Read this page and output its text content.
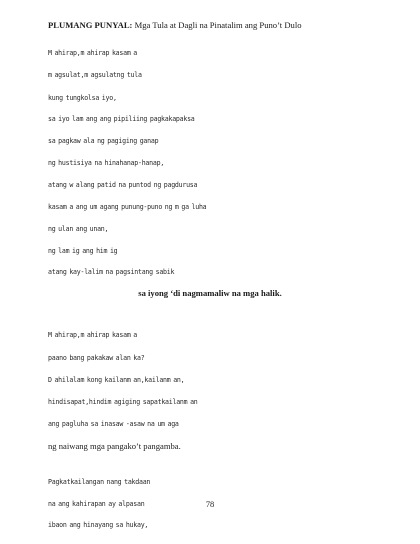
PLUMANG PUNYAL: Mga Tula at Dagli na Pinatalim ang Puno’t Dulo

M ahirap,m ahirap kasam a

m agsulat,m agsulatng tula

kung tungkolsa iyo,

sa iyo lam ang ang pipiliing pagkakapaksa

sa pagkaw ala ng pagiging ganap

ng hustisiya na hinahanap-hanap,

atang w alang patid na puntod ng pagdurusa

kasam a ang um agang punung-puno ng m ga luha

ng ulan ang unan,

ng lam ig ang him ig

atang kay-lalim na pagsintang sabik

sa iyong ‘di nagmamaliw na mga halik.

M ahirap,m ahirap kasam a

paano bang pakakaw alan ka?

D ahilalam kong kailanm an,kailanm an,

hindisapat,hindim agiging sapatkailanm an

ang pagluha sa inasaw -asaw na um aga

ng naiwang mga pangako’t pangamba.

Pagkatkailangan nang takdaan

na ang kahirapan ay alpasan

ibaon ang hinayang sa hukay,

78
